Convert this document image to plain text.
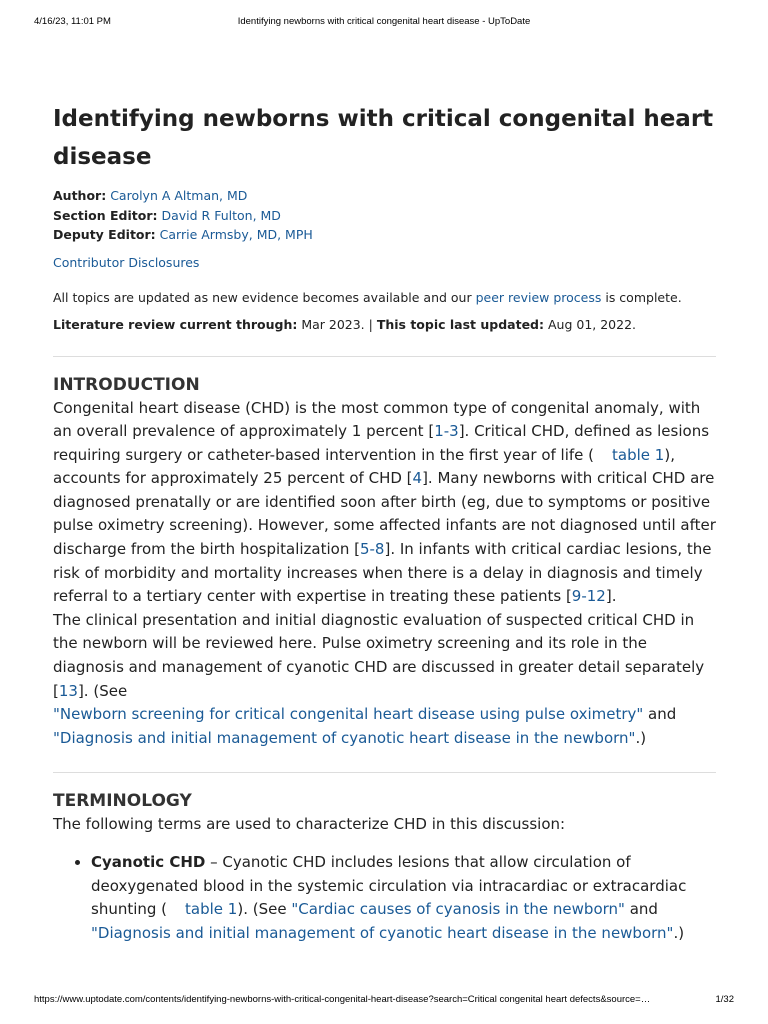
4/16/23, 11:01 PM	Identifying newborns with critical congenital heart disease - UpToDate
Identifying newborns with critical congenital heart disease
Author: Carolyn A Altman, MD
Section Editor: David R Fulton, MD
Deputy Editor: Carrie Armsby, MD, MPH
Contributor Disclosures
All topics are updated as new evidence becomes available and our peer review process is complete.
Literature review current through: Mar 2023. | This topic last updated: Aug 01, 2022.
INTRODUCTION

Congenital heart disease (CHD) is the most common type of congenital anomaly, with an overall prevalence of approximately 1 percent [1-3]. Critical CHD, defined as lesions requiring surgery or catheter-based intervention in the first year of life ( table 1), accounts for approximately 25 percent of CHD [4]. Many newborns with critical CHD are diagnosed prenatally or are identified soon after birth (eg, due to symptoms or positive pulse oximetry screening). However, some affected infants are not diagnosed until after discharge from the birth hospitalization [5-8]. In infants with critical cardiac lesions, the risk of morbidity and mortality increases when there is a delay in diagnosis and timely referral to a tertiary center with expertise in treating these patients [9-12].

The clinical presentation and initial diagnostic evaluation of suspected critical CHD in the newborn will be reviewed here. Pulse oximetry screening and its role in the diagnosis and management of cyanotic CHD are discussed in greater detail separately [13]. (See
"Newborn screening for critical congenital heart disease using pulse oximetry" and
"Diagnosis and initial management of cyanotic heart disease in the newborn".)

TERMINOLOGY

The following terms are used to characterize CHD in this discussion:

• Cyanotic CHD – Cyanotic CHD includes lesions that allow circulation of deoxygenated blood in the systemic circulation via intracardiac or extracardiac shunting ( table 1). (See "Cardiac causes of cyanosis in the newborn" and "Diagnosis and initial management of cyanotic heart disease in the newborn".)
https://www.uptodate.com/contents/identifying-newborns-with-critical-congenital-heart-disease?search=Critical congenital heart defects&source=…	1/32
